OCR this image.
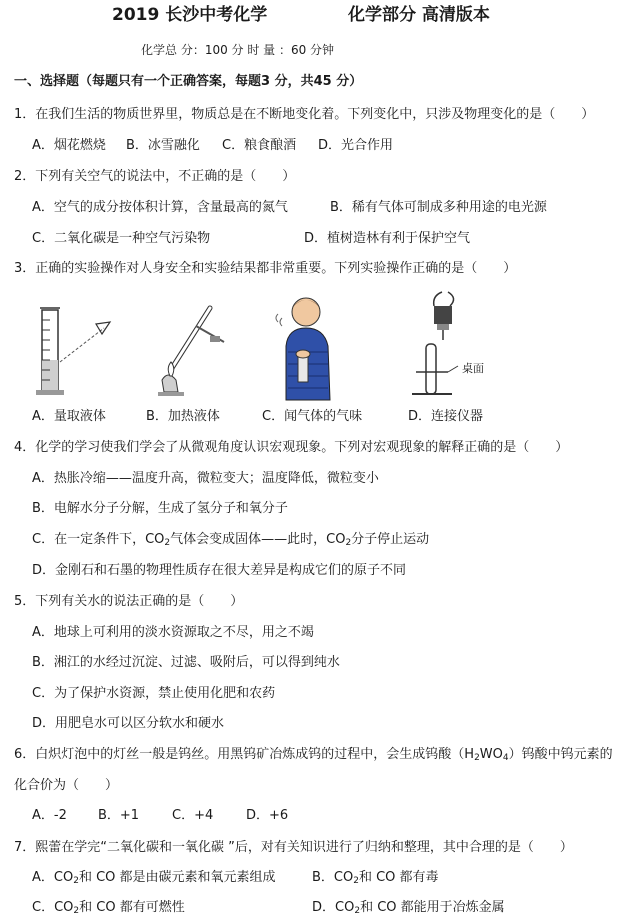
2019 长沙中考化学	化学部分 高清版本
化学总 分：100 分 时 量 ：60 分钟
一、选择题（每题只有一个正确答案，每题3 分，共45 分）
1．在我们生活的物质世界里，物质总是在不断地变化着。下列变化中，只涉及物理变化的是（　　）
A．烟花燃烧 B．冰雪融化 C．粮食酿酒 D．光合作用
2．下列有关空气的说法中，不正确的是（　　）
A．空气的成分按体积计算，含量最高的氮气	B．稀有气体可制成多种用途的电光源
C．二氧化碳是一种空气污染物	D．植树造林有利于保护空气
3．正确的实验操作对人身安全和实验结果都非常重要。下列实验操作正确的是（　　）
桌面
A．量取液体	B．加热液体	C．闻气体的气味	D．连接仪器
4．化学的学习使我们学会了从微观角度认识宏观现象。下列对宏观现象的解释正确的是（　　）
A．热胀冷缩——温度升高，微粒变大；温度降低，微粒变小
B．电解水分子分解，生成了氢分子和氧分子
C．在一定条件下，$CO_2$气体会变成固体——此时，$CO_2$分子停止运动
D．金刚石和石墨的物理性质存在很大差异是构成它们的原子不同
5．下列有关水的说法正确的是（　　）
A．地球上可利用的淡水资源取之不尽，用之不竭
B．湘江的水经过沉淀、过滤、吸附后，可以得到纯水
C．为了保护水资源，禁止使用化肥和农药
D．用肥皂水可以区分软水和硬水
6．白炽灯泡中的灯丝一般是钨丝。用黑钨矿冶炼成钨的过程中，会生成钨酸$(H_2WO_4)$钨酸中钨元素的
化合价为（　　）
A．-2 B．+1	C．+4	D．+6
7．熙蕾在学完“二氧化碳和一氧化碳 ”后，对有关知识进行了归纳和整理，其中合理的是（　　）
A．$CO_2$和 CO 都是由碳元素和氧元素组成	B．$CO_2$和 CO 都有毒
C．$CO_2$和 CO 都有可燃性	D．$CO_2$和 CO 都能用于冶炼金属
